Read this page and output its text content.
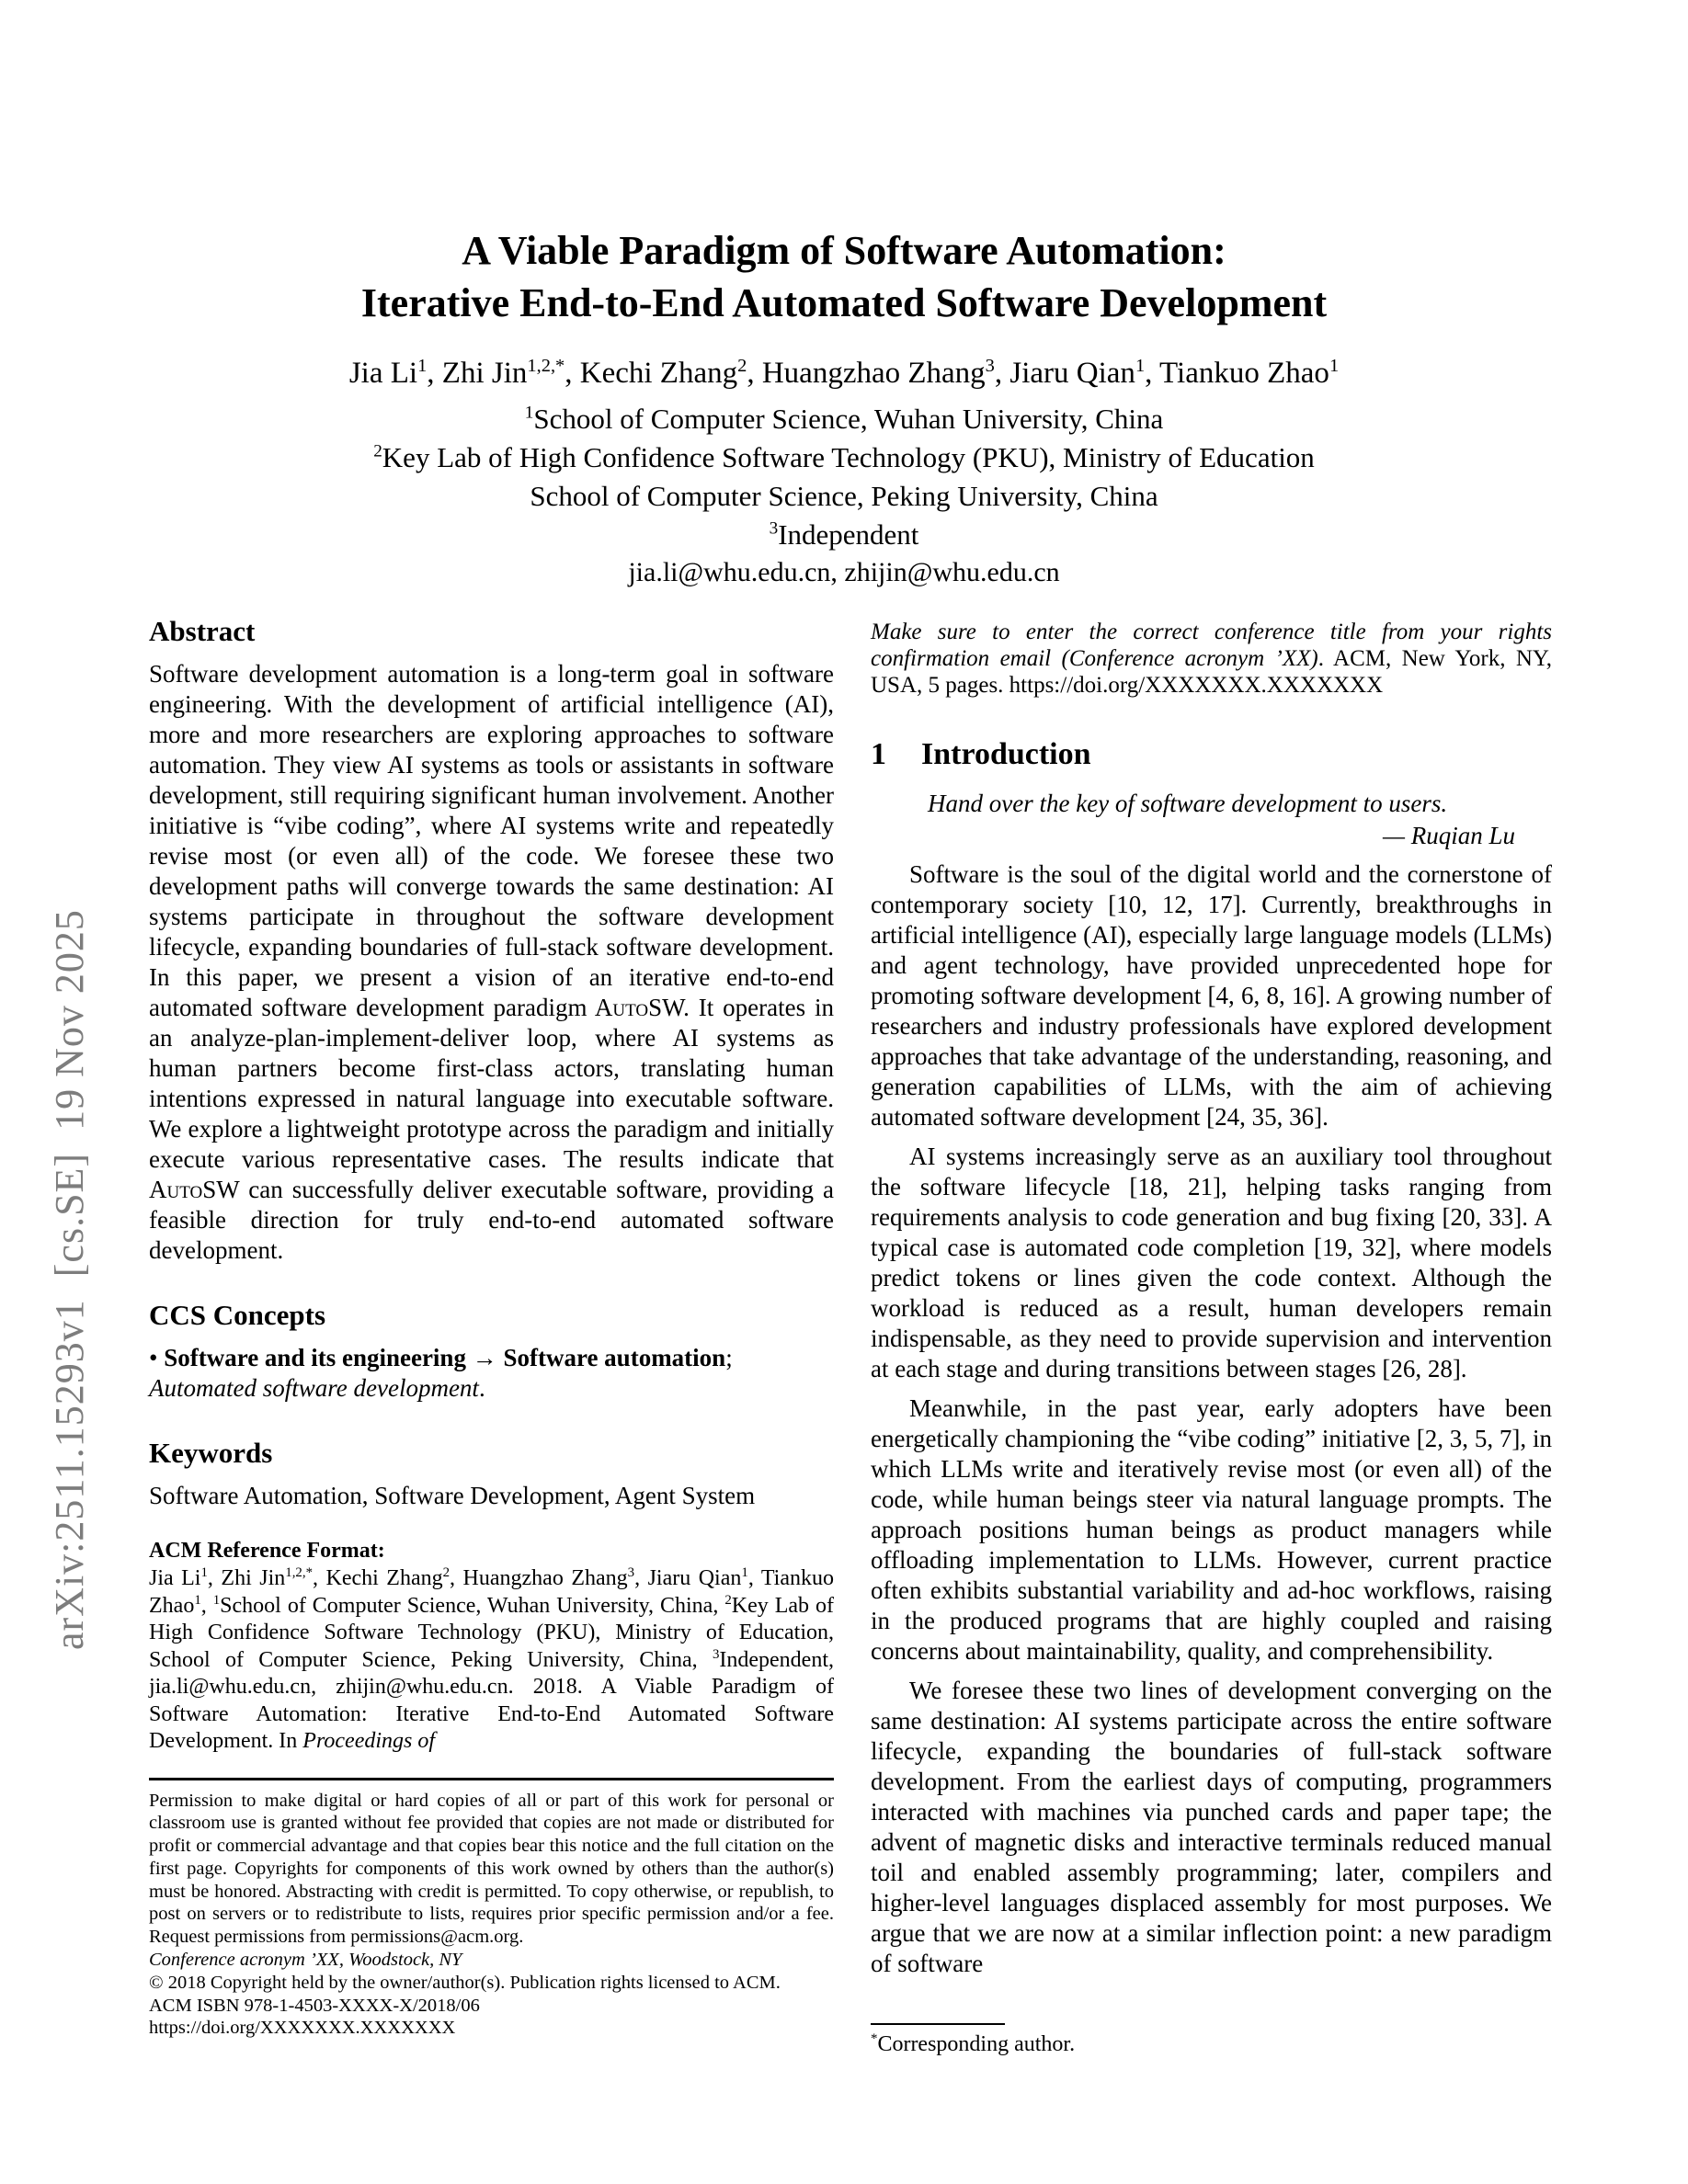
arXiv:2511.15293v1  [cs.SE]  19 Nov 2025
A Viable Paradigm of Software Automation:
Iterative End-to-End Automated Software Development
Jia Li$^1$, Zhi Jin$^{1,2,*}$, Kechi Zhang$^2$, Huangzhao Zhang$^3$, Jiaru Qian$^1$, Tiankuo Zhao$^1$
$^1$School of Computer Science, Wuhan University, China
$^2$Key Lab of High Confidence Software Technology (PKU), Ministry of Education
School of Computer Science, Peking University, China
$^3$Independent
jia.li@whu.edu.cn, zhijin@whu.edu.cn
Abstract

Software development automation is a long-term goal in software engineering. With the development of artificial intelligence (AI), more and more researchers are exploring approaches to software automation. They view AI systems as tools or assistants in software development, still requiring significant human involvement. Another initiative is “vibe coding”, where AI systems write and repeatedly revise most (or even all) of the code. We foresee these two development paths will converge towards the same destination: AI systems participate in throughout the software development lifecycle, expanding boundaries of full-stack software development. In this paper, we present a vision of an iterative end-to-end automated software development paradigm AutoSW. It operates in an analyze-plan-implement-deliver loop, where AI systems as human partners become first-class actors, translating human intentions expressed in natural language into executable software. We explore a lightweight prototype across the paradigm and initially execute various representative cases. The results indicate that AutoSW can successfully deliver executable software, providing a feasible direction for truly end-to-end automated software development.

CCS Concepts

• Software and its engineering → Software automation; Automated software development.

Keywords

Software Automation, Software Development, Agent System

ACM Reference Format:

Jia Li$^1$, Zhi Jin$^{1,2,*}$, Kechi Zhang$^2$, Huangzhao Zhang$^3$, Jiaru Qian$^1$, Tiankuo Zhao$^1$, $^1$School of Computer Science, Wuhan University, China, $^2$Key Lab of High Confidence Software Technology (PKU), Ministry of Education, School of Computer Science, Peking University, China, $^3$Independent, jia.li@whu.edu.cn, zhijin@whu.edu.cn. 2018. A Viable Paradigm of Software Automation: Iterative End-to-End Automated Software Development. In Proceedings of

Permission to make digital or hard copies of all or part of this work for personal or classroom use is granted without fee provided that copies are not made or distributed for profit or commercial advantage and that copies bear this notice and the full citation on the first page. Copyrights for components of this work owned by others than the author(s) must be honored. Abstracting with credit is permitted. To copy otherwise, or republish, to post on servers or to redistribute to lists, requires prior specific permission and/or a fee. Request permissions from permissions@acm.org.

Conference acronym ’XX, Woodstock, NY

© 2018 Copyright held by the owner/author(s). Publication rights licensed to ACM.

ACM ISBN 978-1-4503-XXXX-X/2018/06

https://doi.org/XXXXXXX.XXXXXXX

Make sure to enter the correct conference title from your rights confirmation email (Conference acronym ’XX). ACM, New York, NY, USA, 5 pages. https://doi.org/XXXXXXX.XXXXXXX

1 Introduction
Hand over the key of software development to users.
— Ruqian Lu

Software is the soul of the digital world and the cornerstone of contemporary society [10, 12, 17]. Currently, breakthroughs in artificial intelligence (AI), especially large language models (LLMs) and agent technology, have provided unprecedented hope for promoting software development [4, 6, 8, 16]. A growing number of researchers and industry professionals have explored development approaches that take advantage of the understanding, reasoning, and generation capabilities of LLMs, with the aim of achieving automated software development [24, 35, 36].

AI systems increasingly serve as an auxiliary tool throughout the software lifecycle [18, 21], helping tasks ranging from requirements analysis to code generation and bug fixing [20, 33]. A typical case is automated code completion [19, 32], where models predict tokens or lines given the code context. Although the workload is reduced as a result, human developers remain indispensable, as they need to provide supervision and intervention at each stage and during transitions between stages [26, 28].

Meanwhile, in the past year, early adopters have been energetically championing the “vibe coding” initiative [2, 3, 5, 7], in which LLMs write and iteratively revise most (or even all) of the code, while human beings steer via natural language prompts. The approach positions human beings as product managers while offloading implementation to LLMs. However, current practice often exhibits substantial variability and ad-hoc workflows, raising in the produced programs that are highly coupled and raising concerns about maintainability, quality, and comprehensibility.

We foresee these two lines of development converging on the same destination: AI systems participate across the entire software lifecycle, expanding the boundaries of full-stack software development. From the earliest days of computing, programmers interacted with machines via punched cards and paper tape; the advent of magnetic disks and interactive terminals reduced manual toil and enabled assembly programming; later, compilers and higher-level languages displaced assembly for most purposes. We argue that we are now at a similar inflection point: a new paradigm of software

*Corresponding author.
